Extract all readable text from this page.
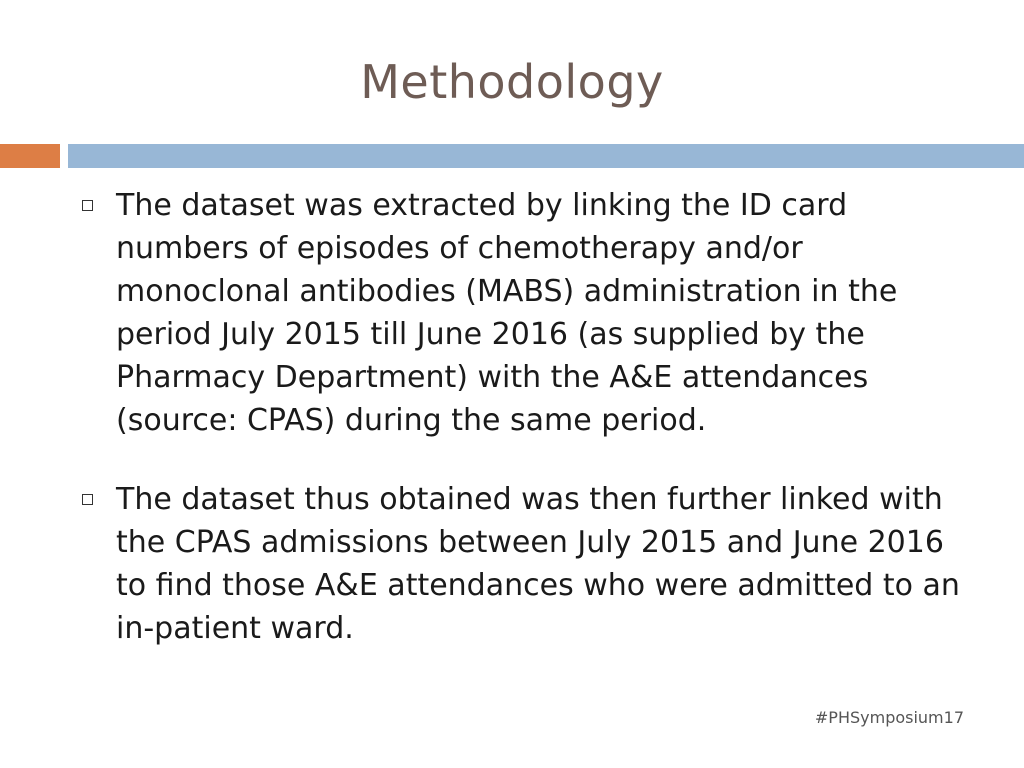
Methodology
The dataset was extracted by linking the ID card numbers of episodes of chemotherapy and/or monoclonal antibodies (MABS) administration in the period July 2015 till June 2016 (as supplied by the Pharmacy Department) with the A&E attendances (source: CPAS) during the same period.
The dataset thus obtained was then further linked with the CPAS admissions between July 2015 and June 2016 to find those A&E attendances who were admitted to an in-patient ward.
#PHSymposium17
